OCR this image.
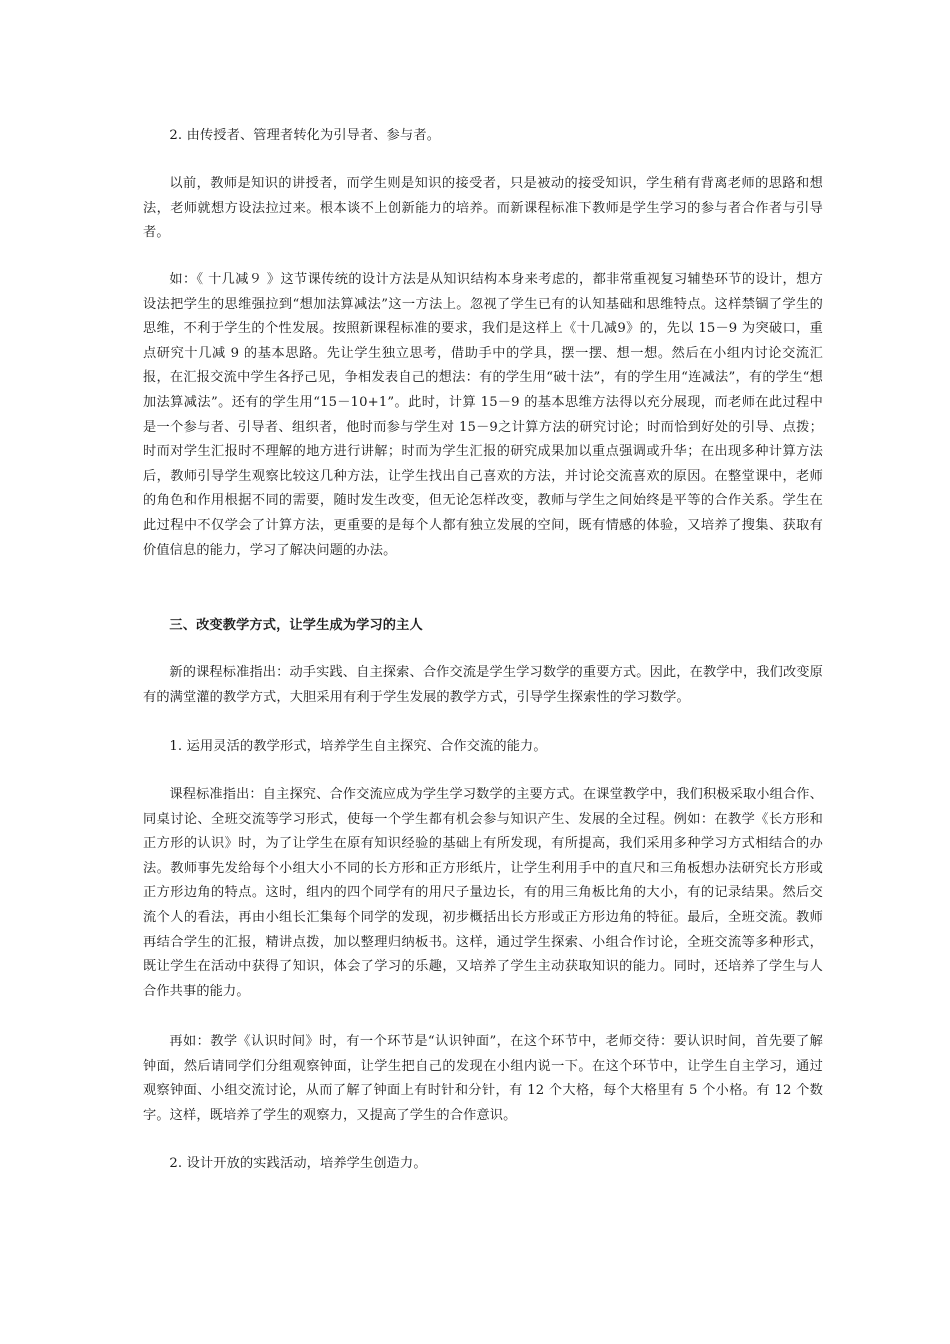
2. 由传授者、管理者转化为引导者、参与者。

以前，教师是知识的讲授者，而学生则是知识的接受者，只是被动的接受知识，学生稍有背离老师的思路和想法，老师就想方设法拉过来。根本谈不上创新能力的培养。而新课程标准下教师是学生学习的参与者合作者与引导者。

如：《 十几减９ 》这节课传统的设计方法是从知识结构本身来考虑的，都非常重视复习辅垫环节的设计，想方设法把学生的思维强拉到“想加法算减法”这一方法上。忽视了学生已有的认知基础和思维特点。这样禁锢了学生的思维，不利于学生的个性发展。按照新课程标准的要求，我们是这样上《十几减9》的，先以 15－9 为突破口，重点研究十几减 9 的基本思路。先让学生独立思考，借助手中的学具，摆一摆、想一想。然后在小组内讨论交流汇报，在汇报交流中学生各抒己见，争相发表自己的想法：有的学生用“破十法”，有的学生用“连减法”，有的学生“想加法算减法”。还有的学生用“15－10+1”。此时，计算 15－9 的基本思维方法得以充分展现，而老师在此过程中是一个参与者、引导者、组织者，他时而参与学生对 15－9之计算方法的研究讨论；时而恰到好处的引导、点拨；时而对学生汇报时不理解的地方进行讲解；时而为学生汇报的研究成果加以重点强调或升华；在出现多种计算方法后，教师引导学生观察比较这几种方法，让学生找出自己喜欢的方法，并讨论交流喜欢的原因。在整堂课中，老师的角色和作用根据不同的需要，随时发生改变，但无论怎样改变，教师与学生之间始终是平等的合作关系。学生在此过程中不仅学会了计算方法，更重要的是每个人都有独立发展的空间，既有情感的体验，又培养了搜集、获取有价值信息的能力，学习了解决问题的办法。

三、改变教学方式，让学生成为学习的主人

新的课程标准指出：动手实践、自主探索、合作交流是学生学习数学的重要方式。因此，在教学中，我们改变原有的满堂灌的教学方式，大胆采用有利于学生发展的教学方式，引导学生探索性的学习数学。

1. 运用灵活的教学形式，培养学生自主探究、合作交流的能力。

课程标准指出：自主探究、合作交流应成为学生学习数学的主要方式。在课堂教学中，我们积极采取小组合作、同桌讨论、全班交流等学习形式，使每一个学生都有机会参与知识产生、发展的全过程。例如：在教学《长方形和正方形的认识》时，为了让学生在原有知识经验的基础上有所发现，有所提高，我们采用多种学习方式相结合的办法。教师事先发给每个小组大小不同的长方形和正方形纸片，让学生利用手中的直尺和三角板想办法研究长方形或正方形边角的特点。这时，组内的四个同学有的用尺子量边长，有的用三角板比角的大小，有的记录结果。然后交流个人的看法，再由小组长汇集每个同学的发现，初步概括出长方形或正方形边角的特征。最后，全班交流。教师再结合学生的汇报，精讲点拨，加以整理归纳板书。这样，通过学生探索、小组合作讨论，全班交流等多种形式，既让学生在活动中获得了知识，体会了学习的乐趣，又培养了学生主动获取知识的能力。同时，还培养了学生与人合作共事的能力。

再如：教学《认识时间》时，有一个环节是“认识钟面”，在这个环节中，老师交待：要认识时间，首先要了解钟面，然后请同学们分组观察钟面，让学生把自己的发现在小组内说一下。在这个环节中，让学生自主学习，通过观察钟面、小组交流讨论，从而了解了钟面上有时针和分针，有 12 个大格，每个大格里有 5 个小格。有 12 个数字。这样，既培养了学生的观察力，又提高了学生的合作意识。

2. 设计开放的实践活动，培养学生创造力。
